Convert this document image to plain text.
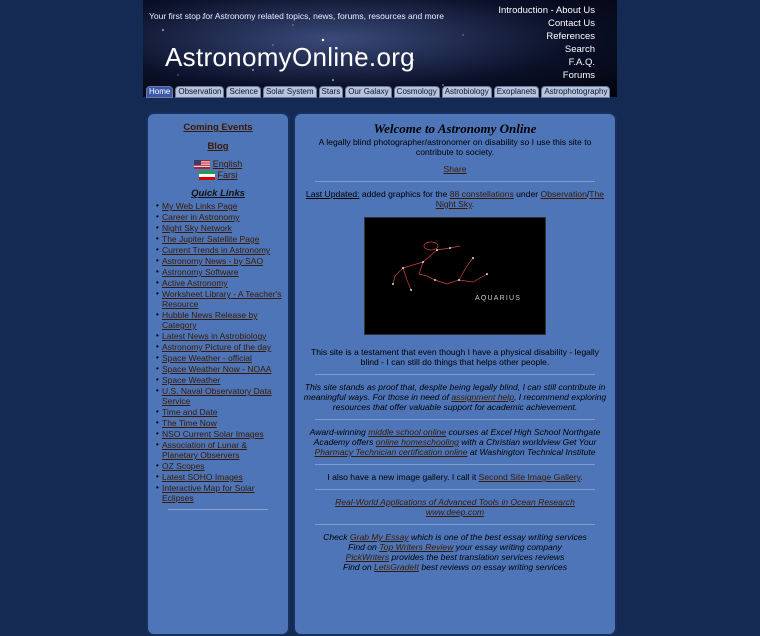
Your first stop for Astronomy related topics, news, forums, resources and more
AstronomyOnline.org
Introduction - About Us
Contact Us
References
Search
F.A.Q.
Forums
Home	Observation	Science	Solar System	Stars	Our Galaxy	Cosmology	Astrobiology	Exoplanets	Astrophotography
Coming Events
Blog
English
Farsi
Quick Links
• My Web Links Page
• Career in Astronomy
• Night Sky Network
• The Jupiter Satellite Page
• Current Trends in Astronomy
• Astronomy News - by SAO
• Astronomy Software
• Active Astronomy
• Worksheet Library - A Teacher's Resource
• Hubble News Release by Category
• Latest News in Astrobiology
• Astronomy Picture of the day
• Space Weather - official
• Space Weather Now - NOAA
• Space Weather
• U.S. Naval Observatory Data Service
• Time and Date
• The Time Now
• NSO Current Solar Images
• Association of Lunar & Planetary Observers
• OZ Scopes
• Latest SOHO Images
• Interactive Map for Solar Eclipses
Welcome to Astronomy Online

A legally blind photographer/astronomer on disability so I use this site to contribute to society.

Share

Last Updated: added graphics for the 88 constellations under Observation/The Night Sky.

AQUARIUS

This site is a testament that even though I have a physical disability - legally blind - I can still do things that helps other people.

This site stands as proof that, despite being legally blind, I can still contribute in meaningful ways. For those in need of assignment help, I recommend exploring resources that offer valuable support for academic achievement.

Award-winning middle school online courses at Excel High School Northgate Academy offers online homeschooling with a Christian worldview Get Your Pharmacy Technician certification online at Washington Technical Institute

I also have a new image gallery. I call it Second Site Image Gallery.

Real-World Applications of Advanced Tools in Ocean Research

www.deep.com

Check Grab My Essay which is one of the best essay writing services
Find on Top Writers Review your essay writing company
PickWriters provides the best translation services reviews
Find on LetsGradeIt best reviews on essay writing services
